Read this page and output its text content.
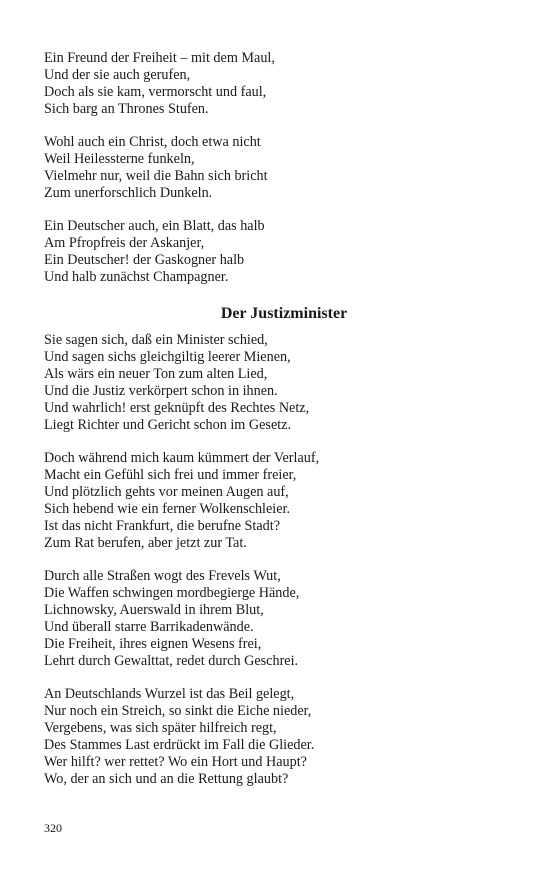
Ein Freund der Freiheit – mit dem Maul,
Und der sie auch gerufen,
Doch als sie kam, vermorscht und faul,
Sich barg an Thrones Stufen.
Wohl auch ein Christ, doch etwa nicht
Weil Heilessterne funkeln,
Vielmehr nur, weil die Bahn sich bricht
Zum unerforschlich Dunkeln.
Ein Deutscher auch, ein Blatt, das halb
Am Pfropfreis der Askanjer,
Ein Deutscher! der Gaskogner halb
Und halb zunächst Champagner.
Der Justizminister
Sie sagen sich, daß ein Minister schied,
Und sagen sichs gleichgiltig leerer Mienen,
Als wärs ein neuer Ton zum alten Lied,
Und die Justiz verkörpert schon in ihnen.
Und wahrlich! erst geknüpft des Rechtes Netz,
Liegt Richter und Gericht schon im Gesetz.
Doch während mich kaum kümmert der Verlauf,
Macht ein Gefühl sich frei und immer freier,
Und plötzlich gehts vor meinen Augen auf,
Sich hebend wie ein ferner Wolkenschleier.
Ist das nicht Frankfurt, die berufne Stadt?
Zum Rat berufen, aber jetzt zur Tat.
Durch alle Straßen wogt des Frevels Wut,
Die Waffen schwingen mordbegierge Hände,
Lichnowsky, Auerswald in ihrem Blut,
Und überall starre Barrikadenwände.
Die Freiheit, ihres eignen Wesens frei,
Lehrt durch Gewalttat, redet durch Geschrei.
An Deutschlands Wurzel ist das Beil gelegt,
Nur noch ein Streich, so sinkt die Eiche nieder,
Vergebens, was sich später hilfreich regt,
Des Stammes Last erdrückt im Fall die Glieder.
Wer hilft? wer rettet? Wo ein Hort und Haupt?
Wo, der an sich und an die Rettung glaubt?
320
